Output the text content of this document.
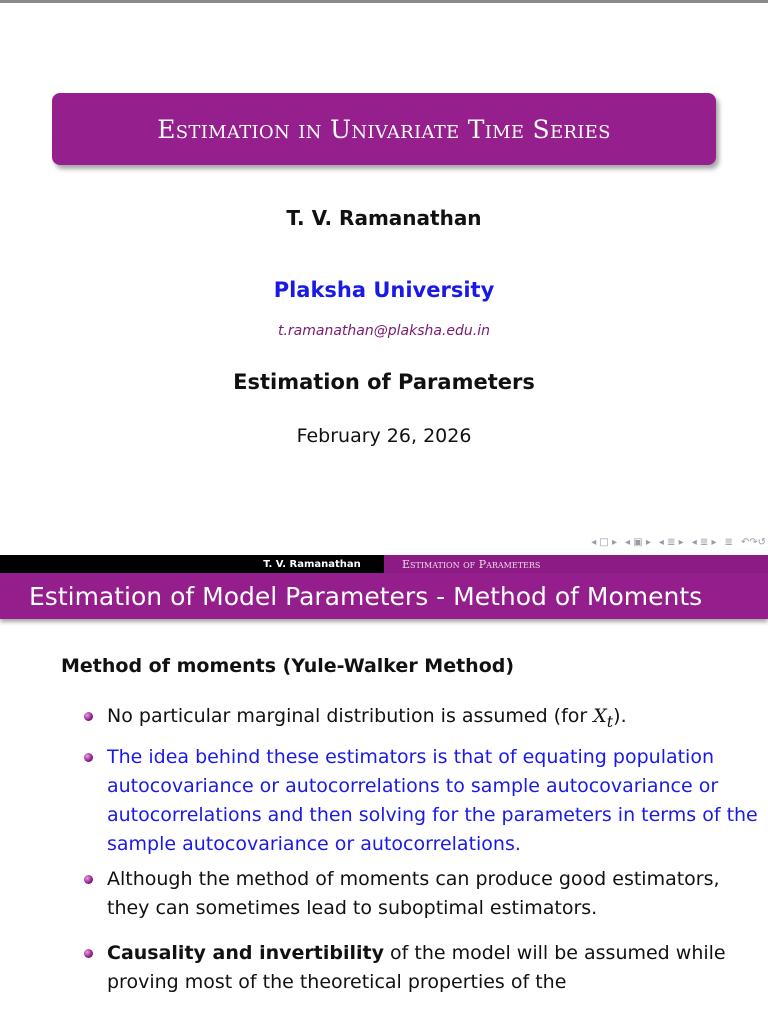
Estimation in Univariate Time Series
T. V. Ramanathan
Plaksha University
t.ramanathan@plaksha.edu.in
Estimation of Parameters
February 26, 2026
◂ □ ▸ ◂ ▣ ▸ ◂ ≣ ▸ ◂ ≣ ▸ ≣ ↶↷↺
T. V. Ramanathan	Estimation of Parameters
Estimation of Model Parameters - Method of Moments
Method of moments (Yule-Walker Method)
No particular marginal distribution is assumed (for $X_t$).
The idea behind these estimators is that of equating population autocovariance or autocorrelations to sample autocovariance or autocorrelations and then solving for the parameters in terms of the sample autocovariance or autocorrelations.
Although the method of moments can produce good estimators, they can sometimes lead to suboptimal estimators.
Causality and invertibility of the model will be assumed while proving most of the theoretical properties of the
